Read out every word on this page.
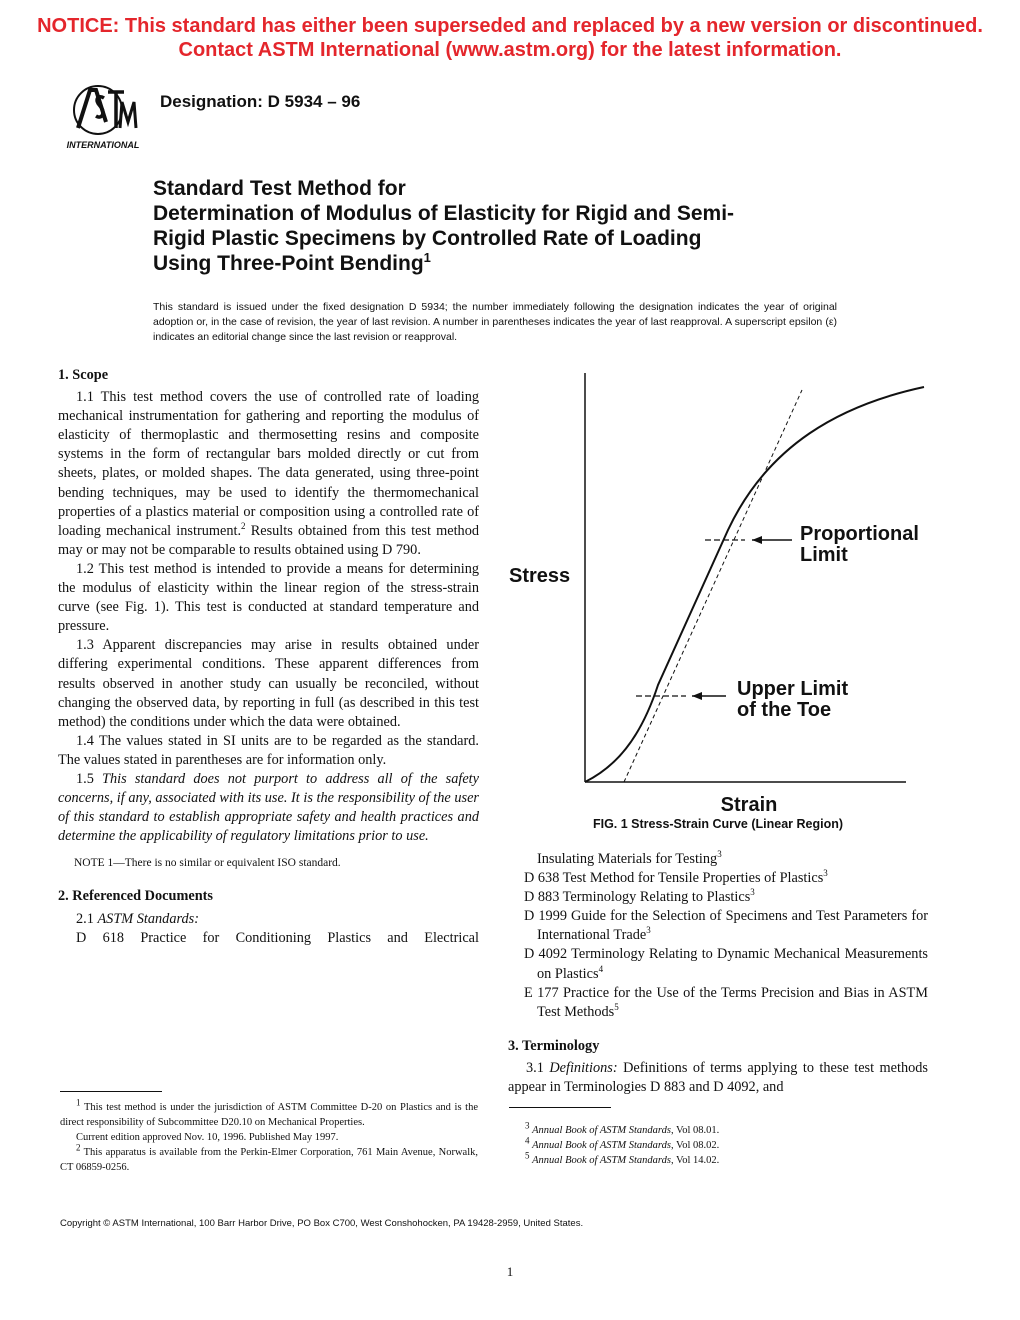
NOTICE: This standard has either been superseded and replaced by a new version or discontinued.
Contact ASTM International (www.astm.org) for the latest information.
INTERNATIONAL
Designation: D 5934 – 96
Standard Test Method for
Determination of Modulus of Elasticity for Rigid and Semi-
Rigid Plastic Specimens by Controlled Rate of Loading
Using Three-Point Bending$^1$
This standard is issued under the fixed designation D 5934; the number immediately following the designation indicates the year of original adoption or, in the case of revision, the year of last revision. A number in parentheses indicates the year of last reapproval. A superscript epsilon (ε) indicates an editorial change since the last revision or reapproval.

1. Scope

1.1 This test method covers the use of controlled rate of loading mechanical instrumentation for gathering and reporting the modulus of elasticity of thermoplastic and thermosetting resins and composite systems in the form of rectangular bars molded directly or cut from sheets, plates, or molded shapes. The data generated, using three-point bending techniques, may be used to identify the thermomechanical properties of a plastics material or composition using a controlled rate of loading mechanical instrument.$^2$ Results obtained from this test method may or may not be comparable to results obtained using D 790.

1.2 This test method is intended to provide a means for determining the modulus of elasticity within the linear region of the stress-strain curve (see Fig. 1). This test is conducted at standard temperature and pressure.

1.3 Apparent discrepancies may arise in results obtained under differing experimental conditions. These apparent differences from results observed in another study can usually be reconciled, without changing the observed data, by reporting in full (as described in this test method) the conditions under which the data were obtained.

1.4 The values stated in SI units are to be regarded as the standard. The values stated in parentheses are for information only.

1.5 This standard does not purport to address all of the safety concerns, if any, associated with its use. It is the responsibility of the user of this standard to establish appropriate safety and health practices and determine the applicability of regulatory limitations prior to use.

NOTE 1—There is no similar or equivalent ISO standard.

2. Referenced Documents

2.1 ASTM Standards:

D 618 Practice for Conditioning Plastics and Electrical

$^1$ This test method is under the jurisdiction of ASTM Committee D-20 on Plastics and is the direct responsibility of Subcommittee D20.10 on Mechanical Properties.

Current edition approved Nov. 10, 1996. Published May 1997.

$^2$ This apparatus is available from the Perkin-Elmer Corporation, 761 Main Avenue, Norwalk, CT 06859-0256.

Stress
Strain
Proportional
Limit
Upper Limit
of the Toe
FIG. 1 Stress-Strain Curve (Linear Region)

Insulating Materials for Testing$^3$

D 638 Test Method for Tensile Properties of Plastics$^3$

D 883 Terminology Relating to Plastics$^3$

D 1999 Guide for the Selection of Specimens and Test Parameters for International Trade$^3$

D 4092 Terminology Relating to Dynamic Mechanical Measurements on Plastics$^4$

E 177 Practice for the Use of the Terms Precision and Bias in ASTM Test Methods$^5$

3. Terminology

3.1 Definitions: Definitions of terms applying to these test methods appear in Terminologies D 883 and D 4092, and

$^3$ Annual Book of ASTM Standards, Vol 08.01.

$^4$ Annual Book of ASTM Standards, Vol 08.02.

$^5$ Annual Book of ASTM Standards, Vol 14.02.

Copyright © ASTM International, 100 Barr Harbor Drive, PO Box C700, West Conshohocken, PA 19428-2959, United States.
1
